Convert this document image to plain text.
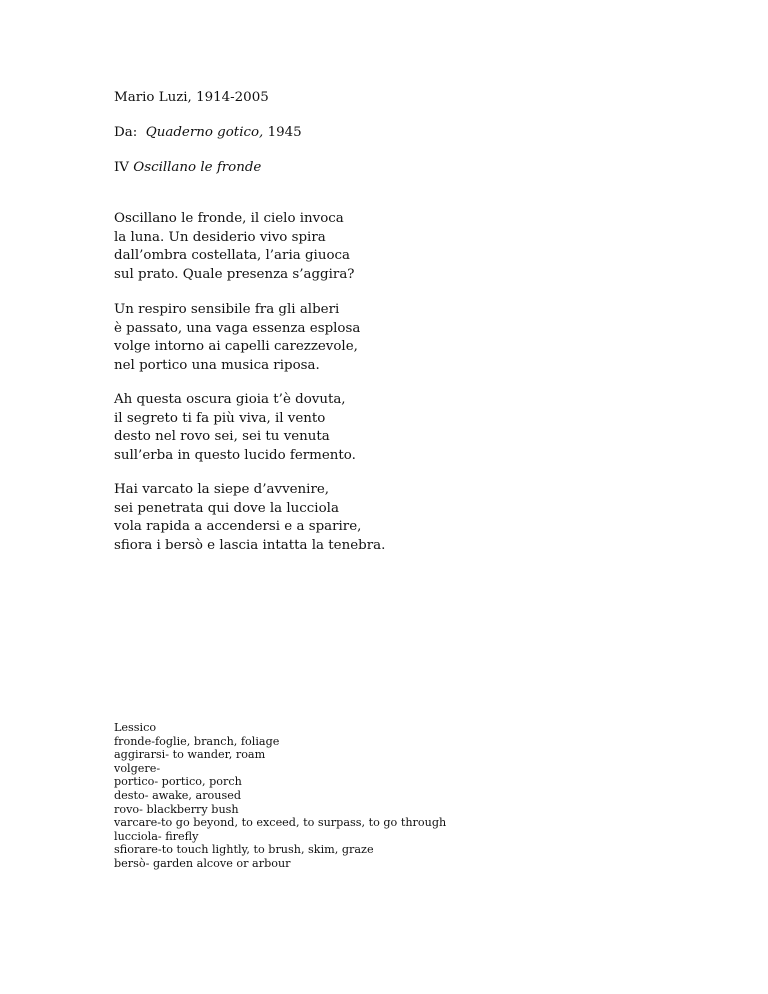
Mario Luzi, 1914-2005
Da: Quaderno gotico, 1945
IV Oscillano le fronde
Oscillano le fronde, il cielo invoca
la luna. Un desiderio vivo spira
dall’ombra costellata, l’aria giuoca
sul prato. Quale presenza s’aggira?
Un respiro sensibile fra gli alberi
è passato, una vaga essenza esplosa
volge intorno ai capelli carezzevole,
nel portico una musica riposa.
Ah questa oscura gioia t’è dovuta,
il segreto ti fa più viva, il vento
desto nel rovo sei, sei tu venuta
sull’erba in questo lucido fermento.
Hai varcato la siepe d’avvenire,
sei penetrata qui dove la lucciola
vola rapida a accendersi e a sparire,
sfiora i bersò e lascia intatta la tenebra.
Lessico
fronde-foglie, branch, foliage
aggirarsi- to wander, roam
volgere-
portico- portico, porch
desto- awake, aroused
rovo- blackberry bush
varcare-to go beyond, to exceed, to surpass, to go through
lucciola- firefly
sfiorare-to touch lightly, to brush, skim, graze
bersò- garden alcove or arbour
